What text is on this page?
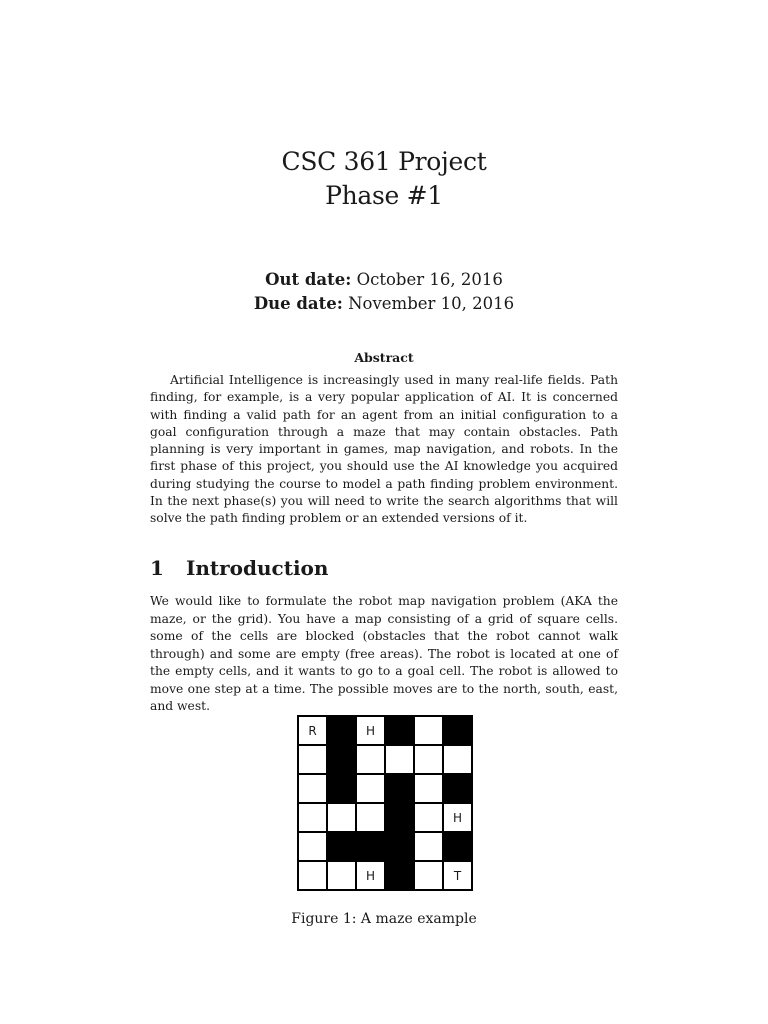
CSC 361 Project
Phase #1
Out date: October 16, 2016
Due date: November 10, 2016
Abstract

Artificial Intelligence is increasingly used in many real-life fields. Path finding, for example, is a very popular application of AI. It is concerned with finding a valid path for an agent from an initial configuration to a goal configuration through a maze that may contain obstacles. Path planning is very important in games, map navigation, and robots. In the first phase of this project, you should use the AI knowledge you acquired during studying the course to model a path finding problem environment. In the next phase(s) you will need to write the search algorithms that will solve the path finding problem or an extended versions of it.

1 Introduction

We would like to formulate the robot map navigation problem (AKA the maze, or the grid). You have a map consisting of a grid of square cells. some of the cells are blocked (obstacles that the robot cannot walk through) and some are empty (free areas). The robot is located at one of the empty cells, and it wants to go to a goal cell. The robot is allowed to move one step at a time. The possible moves are to the north, south, east, and west.

R	H
H
H	T
Figure 1: A maze example
